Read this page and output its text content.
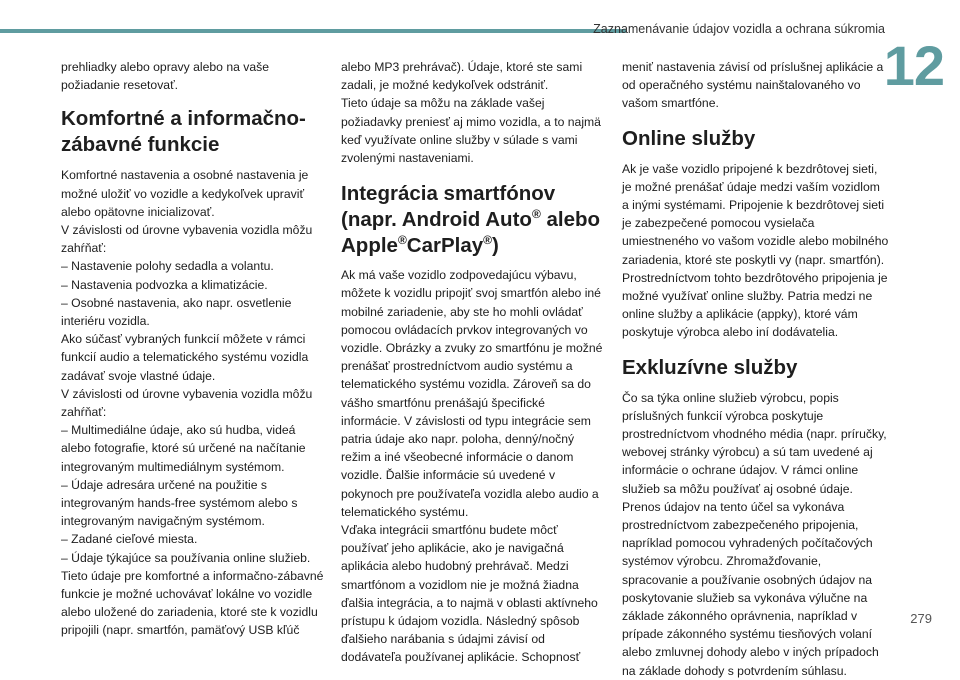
Zaznamenávanie údajov vozidla a ochrana súkromia
12

prehliadky alebo opravy alebo na vaše požiadanie resetovať.

Komfortné a informačno-zábavné funkcie

Komfortné nastavenia a osobné nastavenia je možné uložiť vo vozidle a kedykoľvek upraviť alebo opätovne inicializovať.

V závislosti od úrovne vybavenia vozidla môžu zahŕňať:

– Nastavenie polohy sedadla a volantu.

– Nastavenia podvozka a klimatizácie.

– Osobné nastavenia, ako napr. osvetlenie interiéru vozidla.

Ako súčasť vybraných funkcií môžete v rámci funkcií audio a telematického systému vozidla zadávať svoje vlastné údaje.

V závislosti od úrovne vybavenia vozidla môžu zahŕňať:

– Multimediálne údaje, ako sú hudba, videá alebo fotografie, ktoré sú určené na načítanie integrovaným multimediálnym systémom.

– Údaje adresára určené na použitie s integrovaným hands-free systémom alebo s integrovaným navigačným systémom.

– Zadané cieľové miesta.

– Údaje týkajúce sa používania online služieb.

Tieto údaje pre komfortné a informačno-zábavné funkcie je možné uchovávať lokálne vo vozidle alebo uložené do zariadenia, ktoré ste k vozidlu pripojili (napr. smartfón, pamäťový USB kľúč

alebo MP3 prehrávač). Údaje, ktoré ste sami zadali, je možné kedykoľvek odstrániť.

Tieto údaje sa môžu na základe vašej požiadavky preniesť aj mimo vozidla, a to najmä keď využívate online služby v súlade s vami zvolenými nastaveniami.

Integrácia smartfónov (napr. Android Auto® alebo Apple®CarPlay®)

Ak má vaše vozidlo zodpovedajúcu výbavu, môžete k vozidlu pripojiť svoj smartfón alebo iné mobilné zariadenie, aby ste ho mohli ovládať pomocou ovládacích prvkov integrovaných vo vozidle. Obrázky a zvuky zo smartfónu je možné prenášať prostredníctvom audio systému a telematického systému vozidla. Zároveň sa do vášho smartfónu prenášajú špecifické informácie. V závislosti od typu integrácie sem patria údaje ako napr. poloha, denný/nočný režim a iné všeobecné informácie o danom vozidle. Ďalšie informácie sú uvedené v pokynoch pre používateľa vozidla alebo audio a telematického systému.

Vďaka integrácii smartfónu budete môcť používať jeho aplikácie, ako je navigačná aplikácia alebo hudobný prehrávač. Medzi smartfónom a vozidlom nie je možná žiadna ďalšia integrácia, a to najmä v oblasti aktívneho prístupu k údajom vozidla. Následný spôsob ďalšieho narábania s údajmi závisí od dodávateľa používanej aplikácie. Schopnosť

meniť nastavenia závisí od príslušnej aplikácie a od operačného systému nainštalovaného vo vašom smartfóne.

Online služby

Ak je vaše vozidlo pripojené k bezdrôtovej sieti, je možné prenášať údaje medzi vaším vozidlom a inými systémami. Pripojenie k bezdrôtovej sieti je zabezpečené pomocou vysielača umiestneného vo vašom vozidle alebo mobilného zariadenia, ktoré ste poskytli vy (napr. smartfón). Prostredníctvom tohto bezdrôtového pripojenia je možné využívať online služby. Patria medzi ne online služby a aplikácie (appky), ktoré vám poskytuje výrobca alebo iní dodávatelia.

Exkluzívne služby

Čo sa týka online služieb výrobcu, popis príslušných funkcií výrobca poskytuje prostredníctvom vhodného média (napr. príručky, webovej stránky výrobcu) a sú tam uvedené aj informácie o ochrane údajov. V rámci online služieb sa môžu používať aj osobné údaje. Prenos údajov na tento účel sa vykonáva prostredníctvom zabezpečeného pripojenia, napríklad pomocou vyhradených počítačových systémov výrobcu. Zhromažďovanie, spracovanie a používanie osobných údajov na poskytovanie služieb sa vykonáva výlučne na základe zákonného oprávnenia, napríklad v prípade zákonného systému tiesňových volaní alebo zmluvnej dohody alebo v iných prípadoch na základe dohody s potvrdením súhlasu.

279
